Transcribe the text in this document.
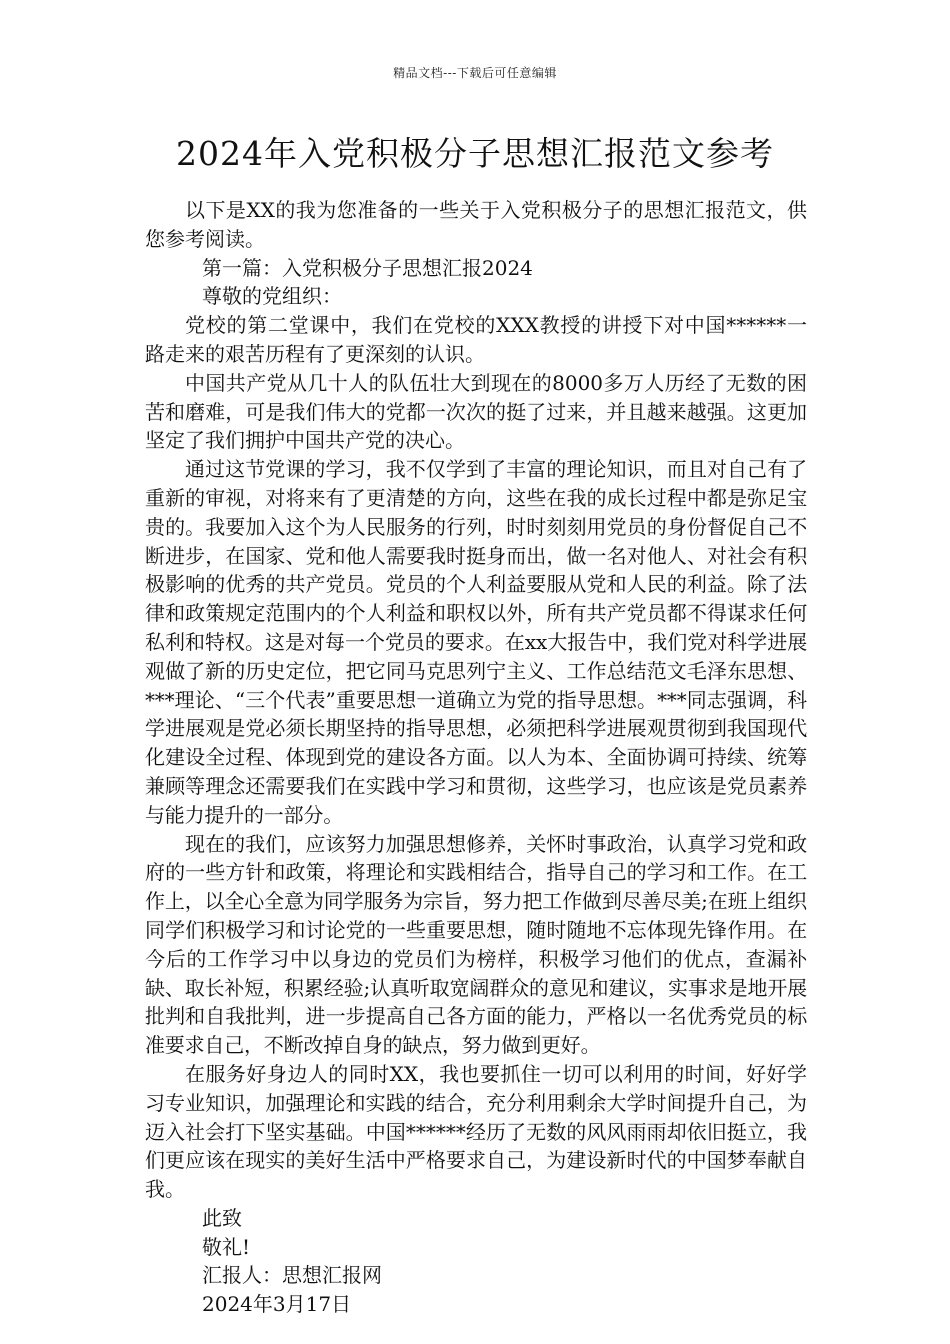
精品文档---下载后可任意编辑
2024年入党积极分子思想汇报范文参考

以下是XX的我为您准备的一些关于入党积极分子的思想汇报范文，供您参考阅读。

第一篇：入党积极分子思想汇报2024

尊敬的党组织：

党校的第二堂课中，我们在党校的XXX教授的讲授下对中国******一路走来的艰苦历程有了更深刻的认识。

中国共产党从几十人的队伍壮大到现在的8000多万人历经了无数的困苦和磨难，可是我们伟大的党都一次次的挺了过来，并且越来越强。这更加坚定了我们拥护中国共产党的决心。

通过这节党课的学习，我不仅学到了丰富的理论知识，而且对自己有了重新的审视，对将来有了更清楚的方向，这些在我的成长过程中都是弥足宝贵的。我要加入这个为人民服务的行列，时时刻刻用党员的身份督促自己不断进步，在国家、党和他人需要我时挺身而出，做一名对他人、对社会有积极影响的优秀的共产党员。党员的个人利益要服从党和人民的利益。除了法律和政策规定范围内的个人利益和职权以外，所有共产党员都不得谋求任何私利和特权。这是对每一个党员的要求。在xx大报告中，我们党对科学进展观做了新的历史定位，把它同马克思列宁主义、工作总结范文毛泽东思想、***理论、“三个代表”重要思想一道确立为党的指导思想。***同志强调，科学进展观是党必须长期坚持的指导思想，必须把科学进展观贯彻到我国现代化建设全过程、体现到党的建设各方面。以人为本、全面协调可持续、统筹兼顾等理念还需要我们在实践中学习和贯彻，这些学习，也应该是党员素养与能力提升的一部分。

现在的我们，应该努力加强思想修养，关怀时事政治，认真学习党和政府的一些方针和政策，将理论和实践相结合，指导自己的学习和工作。在工作上，以全心全意为同学服务为宗旨，努力把工作做到尽善尽美;在班上组织同学们积极学习和讨论党的一些重要思想，随时随地不忘体现先锋作用。在今后的工作学习中以身边的党员们为榜样，积极学习他们的优点，查漏补缺、取长补短，积累经验;认真听取宽阔群众的意见和建议，实事求是地开展批判和自我批判，进一步提高自己各方面的能力，严格以一名优秀党员的标准要求自己，不断改掉自身的缺点，努力做到更好。

在服务好身边人的同时XX，我也要抓住一切可以利用的时间，好好学习专业知识，加强理论和实践的结合，充分利用剩余大学时间提升自己，为迈入社会打下坚实基础。中国******经历了无数的风风雨雨却依旧挺立，我们更应该在现实的美好生活中严格要求自己，为建设新时代的中国梦奉献自我。

此致

敬礼!

汇报人：思想汇报网

2024年3月17日
